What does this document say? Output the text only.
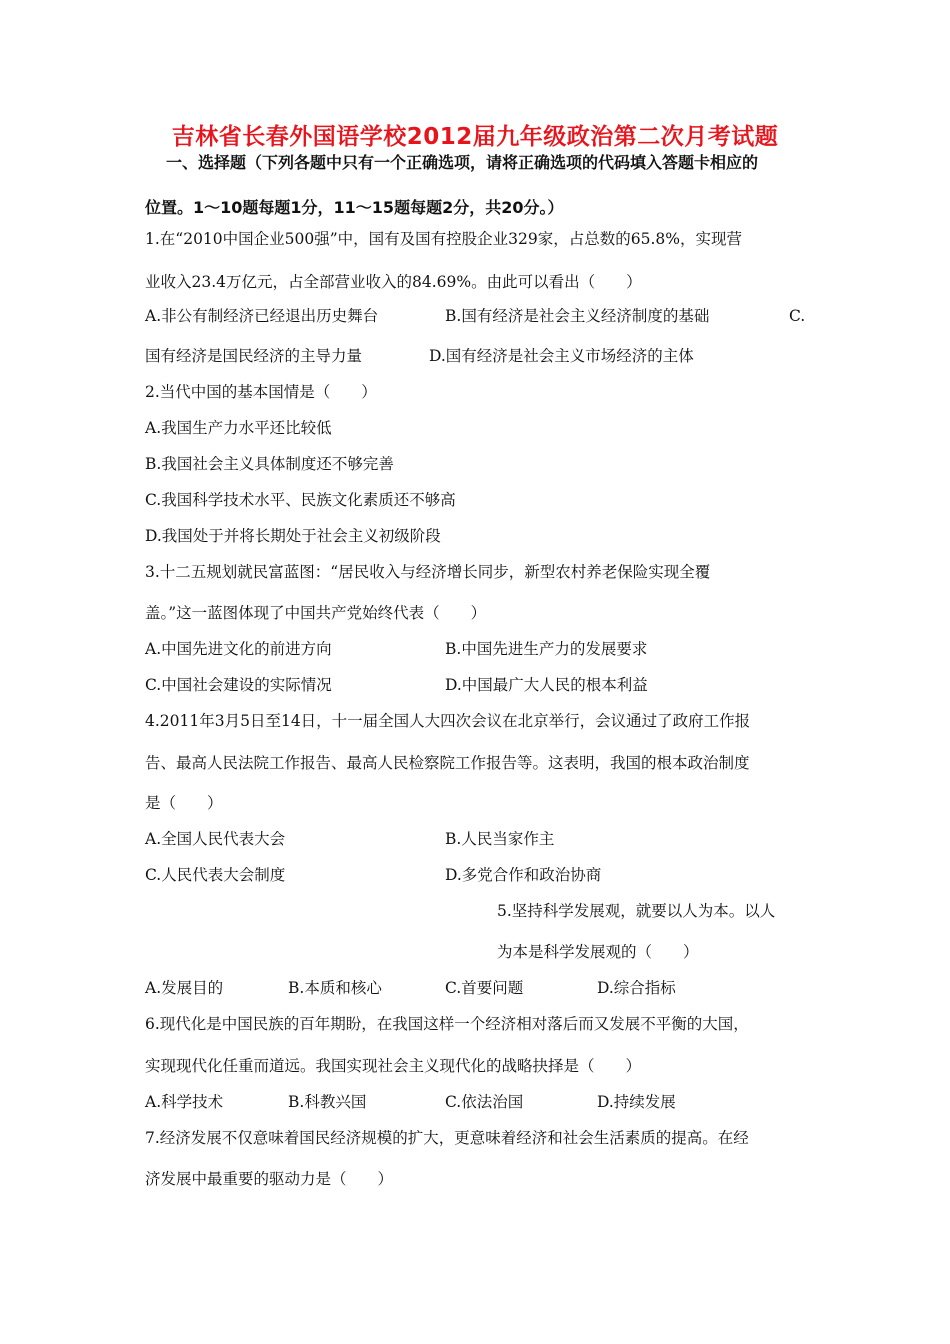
吉林省长春外国语学校2012届九年级政治第二次月考试题
一、选择题（下列各题中只有一个正确选项，请将正确选项的代码填入答题卡相应的
位置。1～10题每题1分，11～15题每题2分，共20分。）
1.在“2010中国企业500强”中，国有及国有控股企业329家，占总数的65.8%，实现营
业收入23.4万亿元，占全部营业收入的84.69%。由此可以看出（　　）
A.非公有制经济已经退出历史舞台	B.国有经济是社会主义经济制度的基础	C.
国有经济是国民经济的主导力量	D.国有经济是社会主义市场经济的主体
2.当代中国的基本国情是（　　）
A.我国生产力水平还比较低
B.我国社会主义具体制度还不够完善
C.我国科学技术水平、民族文化素质还不够高
D.我国处于并将长期处于社会主义初级阶段
3.十二五规划就民富蓝图：“居民收入与经济增长同步，新型农村养老保险实现全覆
盖。”这一蓝图体现了中国共产党始终代表（　　）
A.中国先进文化的前进方向	B.中国先进生产力的发展要求
C.中国社会建设的实际情况	D.中国最广大人民的根本利益
4.2011年3月5日至14日，十一届全国人大四次会议在北京举行，会议通过了政府工作报
告、最高人民法院工作报告、最高人民检察院工作报告等。这表明，我国的根本政治制度
是（　　）
A.全国人民代表大会	B.人民当家作主
C.人民代表大会制度	D.多党合作和政治协商
5.坚持科学发展观，就要以人为本。以人
为本是科学发展观的（　　）
A.发展目的	B.本质和核心	C.首要问题	D.综合指标
6.现代化是中国民族的百年期盼，在我国这样一个经济相对落后而又发展不平衡的大国，
实现现代化任重而道远。我国实现社会主义现代化的战略抉择是（　　）
A.科学技术	B.科教兴国	C.依法治国	D.持续发展
7.经济发展不仅意味着国民经济规模的扩大，更意味着经济和社会生活素质的提高。在经
济发展中最重要的驱动力是（　　）
